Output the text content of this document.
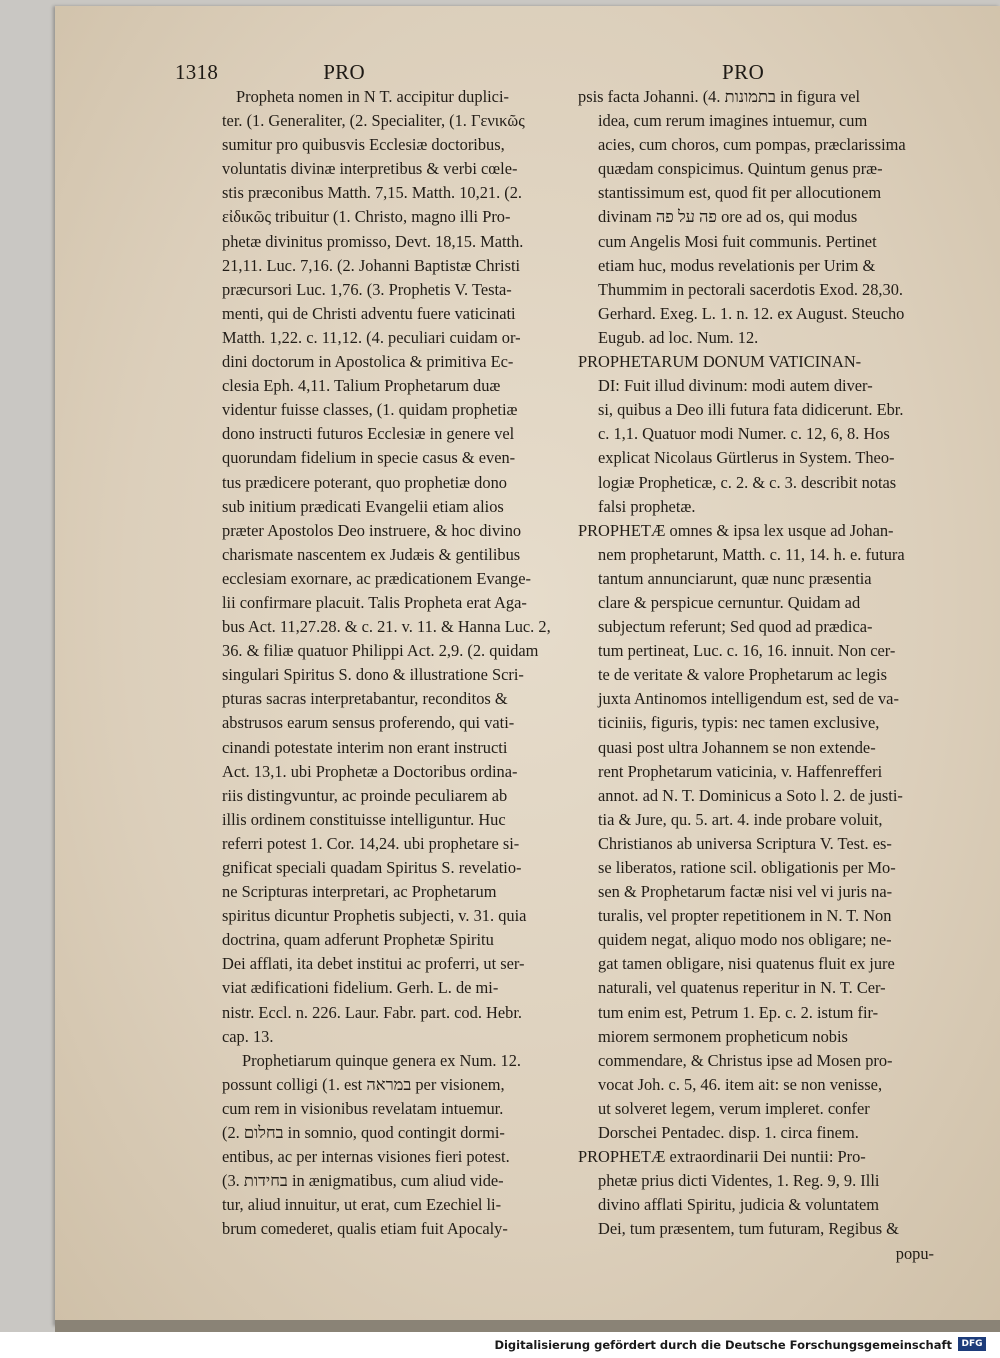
1318	PRO	PRO
Propheta nomen in N T. accipitur duplici-
ter. (1. Generaliter, (2. Specialiter, (1. Γενικῶς
sumitur pro quibusvis Ecclesiæ doctoribus,
voluntatis divinæ interpretibus & verbi cœle-
stis præconibus Matth. 7,15. Matth. 10,21. (2.
εἰδικῶς tribuitur (1. Christo, magno illi Pro-
phetæ divinitus promisso, Devt. 18,15. Matth.
21,11. Luc. 7,16. (2. Johanni Baptistæ Christi
præcursori Luc. 1,76. (3. Prophetis V. Testa-
menti, qui de Christi adventu fuere vaticinati
Matth. 1,22. c. 11,12. (4. peculiari cuidam or-
dini doctorum in Apostolica & primitiva Ec-
clesia Eph. 4,11. Talium Prophetarum duæ
videntur fuisse classes, (1. quidam prophetiæ
dono instructi futuros Ecclesiæ in genere vel
quorundam fidelium in specie casus & even-
tus prædicere poterant, quo prophetiæ dono
sub initium prædicati Evangelii etiam alios
præter Apostolos Deo instruere, & hoc divino
charismate nascentem ex Judæis & gentilibus
ecclesiam exornare, ac prædicationem Evange-
lii confirmare placuit. Talis Propheta erat Aga-
bus Act. 11,27.28. & c. 21. v. 11. & Hanna Luc. 2,
36. & filiæ quatuor Philippi Act. 2,9. (2. quidam
singulari Spiritus S. dono & illustratione Scri-
pturas sacras interpretabantur, reconditos &
abstrusos earum sensus proferendo, qui vati-
cinandi potestate interim non erant instructi
Act. 13,1. ubi Prophetæ a Doctoribus ordina-
riis distingvuntur, ac proinde peculiarem ab
illis ordinem constituisse intelliguntur. Huc
referri potest 1. Cor. 14,24. ubi prophetare si-
gnificat speciali quadam Spiritus S. revelatio-
ne Scripturas interpretari, ac Prophetarum
spiritus dicuntur Prophetis subjecti, v. 31. quia
doctrina, quam adferunt Prophetæ Spiritu
Dei afflati, ita debet institui ac proferri, ut ser-
viat ædificationi fidelium. Gerh. L. de mi-
nistr. Eccl. n. 226. Laur. Fabr. part. cod. Hebr.
cap. 13.
Prophetiarum quinque genera ex Num. 12.
possunt colligi (1. est במראה per visionem,
cum rem in visionibus revelatam intuemur.
(2. בחלום in somnio, quod contingit dormi-
entibus, ac per internas visiones fieri potest.
(3. בחידות in ænigmatibus, cum aliud vide-
tur, aliud innuitur, ut erat, cum Ezechiel li-
brum comederet, qualis etiam fuit Apocaly-
psis facta Johanni. (4. בתמונות in figura vel
idea, cum rerum imagines intuemur, cum
acies, cum choros, cum pompas, præclarissima
quædam conspicimus. Quintum genus præ-
stantissimum est, quod fit per allocutionem
divinam פה על פה ore ad os, qui modus
cum Angelis Mosi fuit communis. Pertinet
etiam huc, modus revelationis per Urim &
Thummim in pectorali sacerdotis Exod. 28,30.
Gerhard. Exeg. L. 1. n. 12. ex August. Steucho
Eugub. ad loc. Num. 12.
PROPHETARUM DONUM VATICINAN-
DI: Fuit illud divinum: modi autem diver-
si, quibus a Deo illi futura fata didicerunt. Ebr.
c. 1,1. Quatuor modi Numer. c. 12, 6, 8. Hos
explicat Nicolaus Gürtlerus in System. Theo-
logiæ Propheticæ, c. 2. & c. 3. describit notas
falsi prophetæ.
PROPHETÆ omnes & ipsa lex usque ad Johan-
nem prophetarunt, Matth. c. 11, 14. h. e. futura
tantum annunciarunt, quæ nunc præsentia
clare & perspicue cernuntur. Quidam ad
subjectum referunt; Sed quod ad prædica-
tum pertineat, Luc. c. 16, 16. innuit. Non cer-
te de veritate & valore Prophetarum ac legis
juxta Antinomos intelligendum est, sed de va-
ticiniis, figuris, typis: nec tamen exclusive,
quasi post ultra Johannem se non extende-
rent Prophetarum vaticinia, v. Haffenrefferi
annot. ad N. T. Dominicus a Soto l. 2. de justi-
tia & Jure, qu. 5. art. 4. inde probare voluit,
Christianos ab universa Scriptura V. Test. es-
se liberatos, ratione scil. obligationis per Mo-
sen & Prophetarum factæ nisi vel vi juris na-
turalis, vel propter repetitionem in N. T. Non
quidem negat, aliquo modo nos obligare; ne-
gat tamen obligare, nisi quatenus fluit ex jure
naturali, vel quatenus reperitur in N. T. Cer-
tum enim est, Petrum 1. Ep. c. 2. istum fir-
miorem sermonem propheticum nobis
commendare, & Christus ipse ad Mosen pro-
vocat Joh. c. 5, 46. item ait: se non venisse,
ut solveret legem, verum impleret. confer
Dorschei Pentadec. disp. 1. circa finem.
PROPHETÆ extraordinarii Dei nuntii: Pro-
phetæ prius dicti Videntes, 1. Reg. 9, 9. Illi
divino afflati Spiritu, judicia & voluntatem
Dei, tum præsentem, tum futuram, Regibus &
popu-
Digitalisierung gefördert durch die Deutsche Forschungsgemeinschaft	DFG
